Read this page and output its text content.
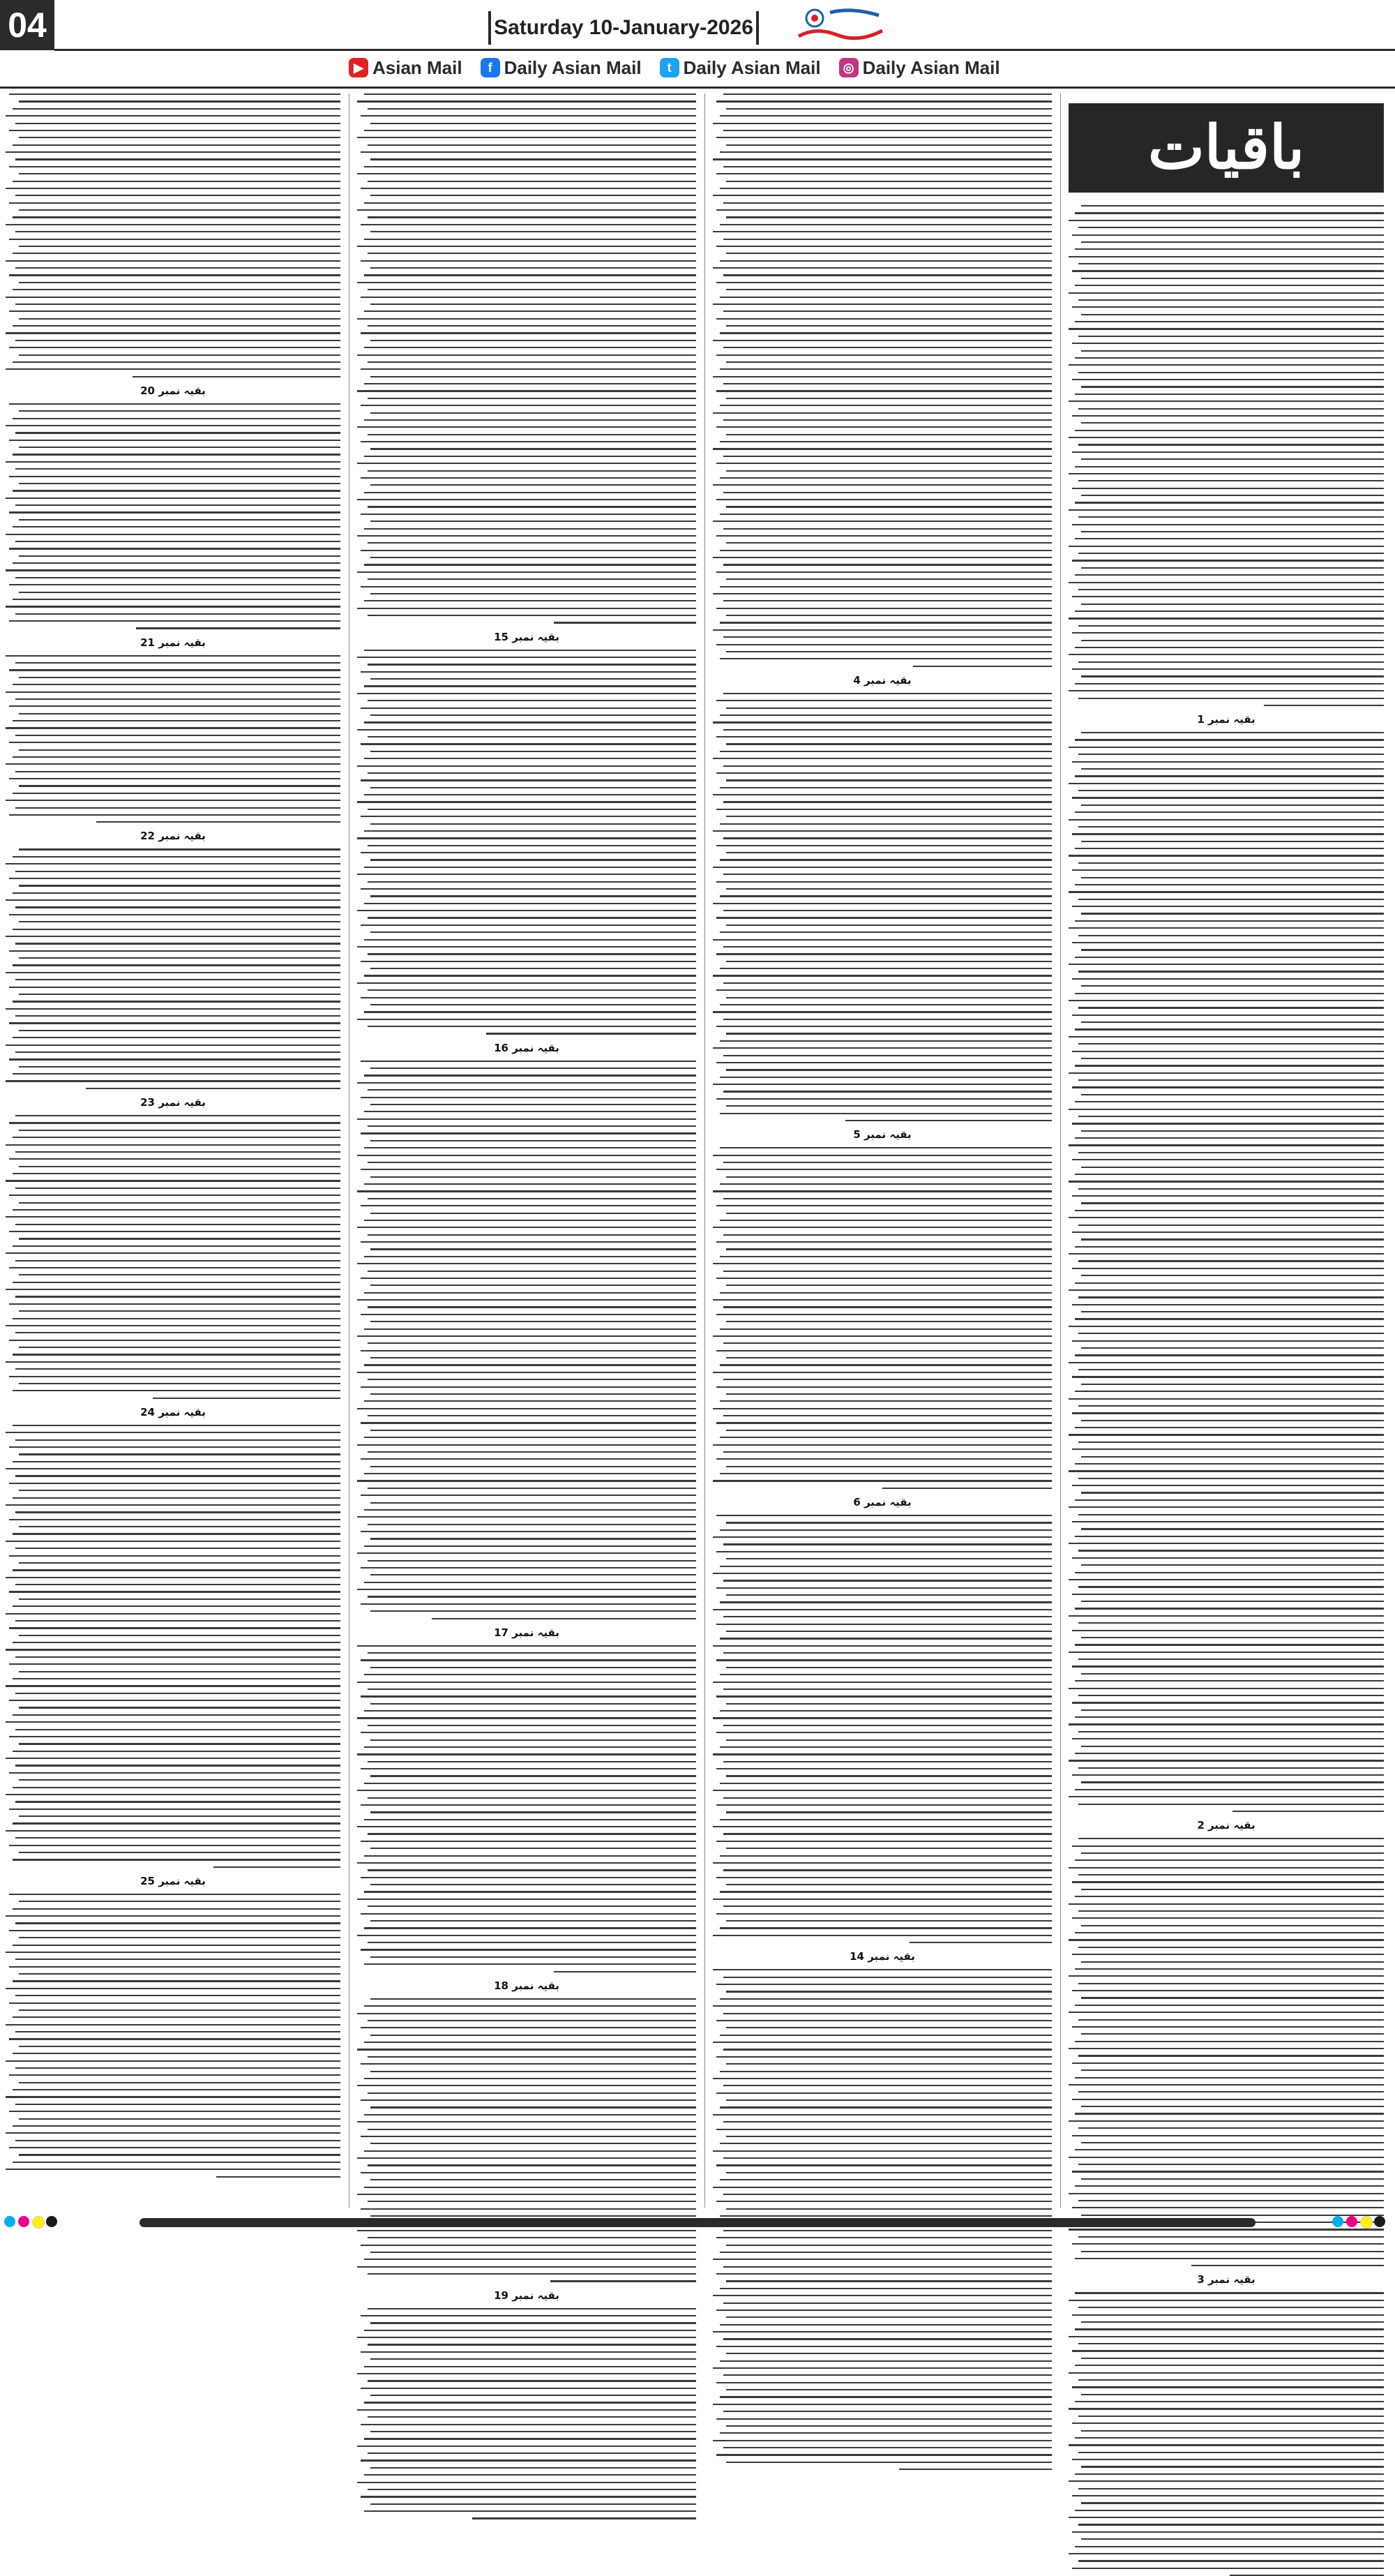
04	Saturday 10-January-2026
▶ Asian Mail	f Daily Asian Mail	t Daily Asian Mail	◎ Daily Asian Mail
باقیات
بقیہ نمبر 1
بقیہ نمبر 2
بقیہ نمبر 3
بقیہ نمبر 4
بقیہ نمبر 5
بقیہ نمبر 6
بقیہ نمبر 14
بقیہ نمبر 15
بقیہ نمبر 16
بقیہ نمبر 17
بقیہ نمبر 18
بقیہ نمبر 19
بقیہ نمبر 20
بقیہ نمبر 21
بقیہ نمبر 22
بقیہ نمبر 23
بقیہ نمبر 24
بقیہ نمبر 25
